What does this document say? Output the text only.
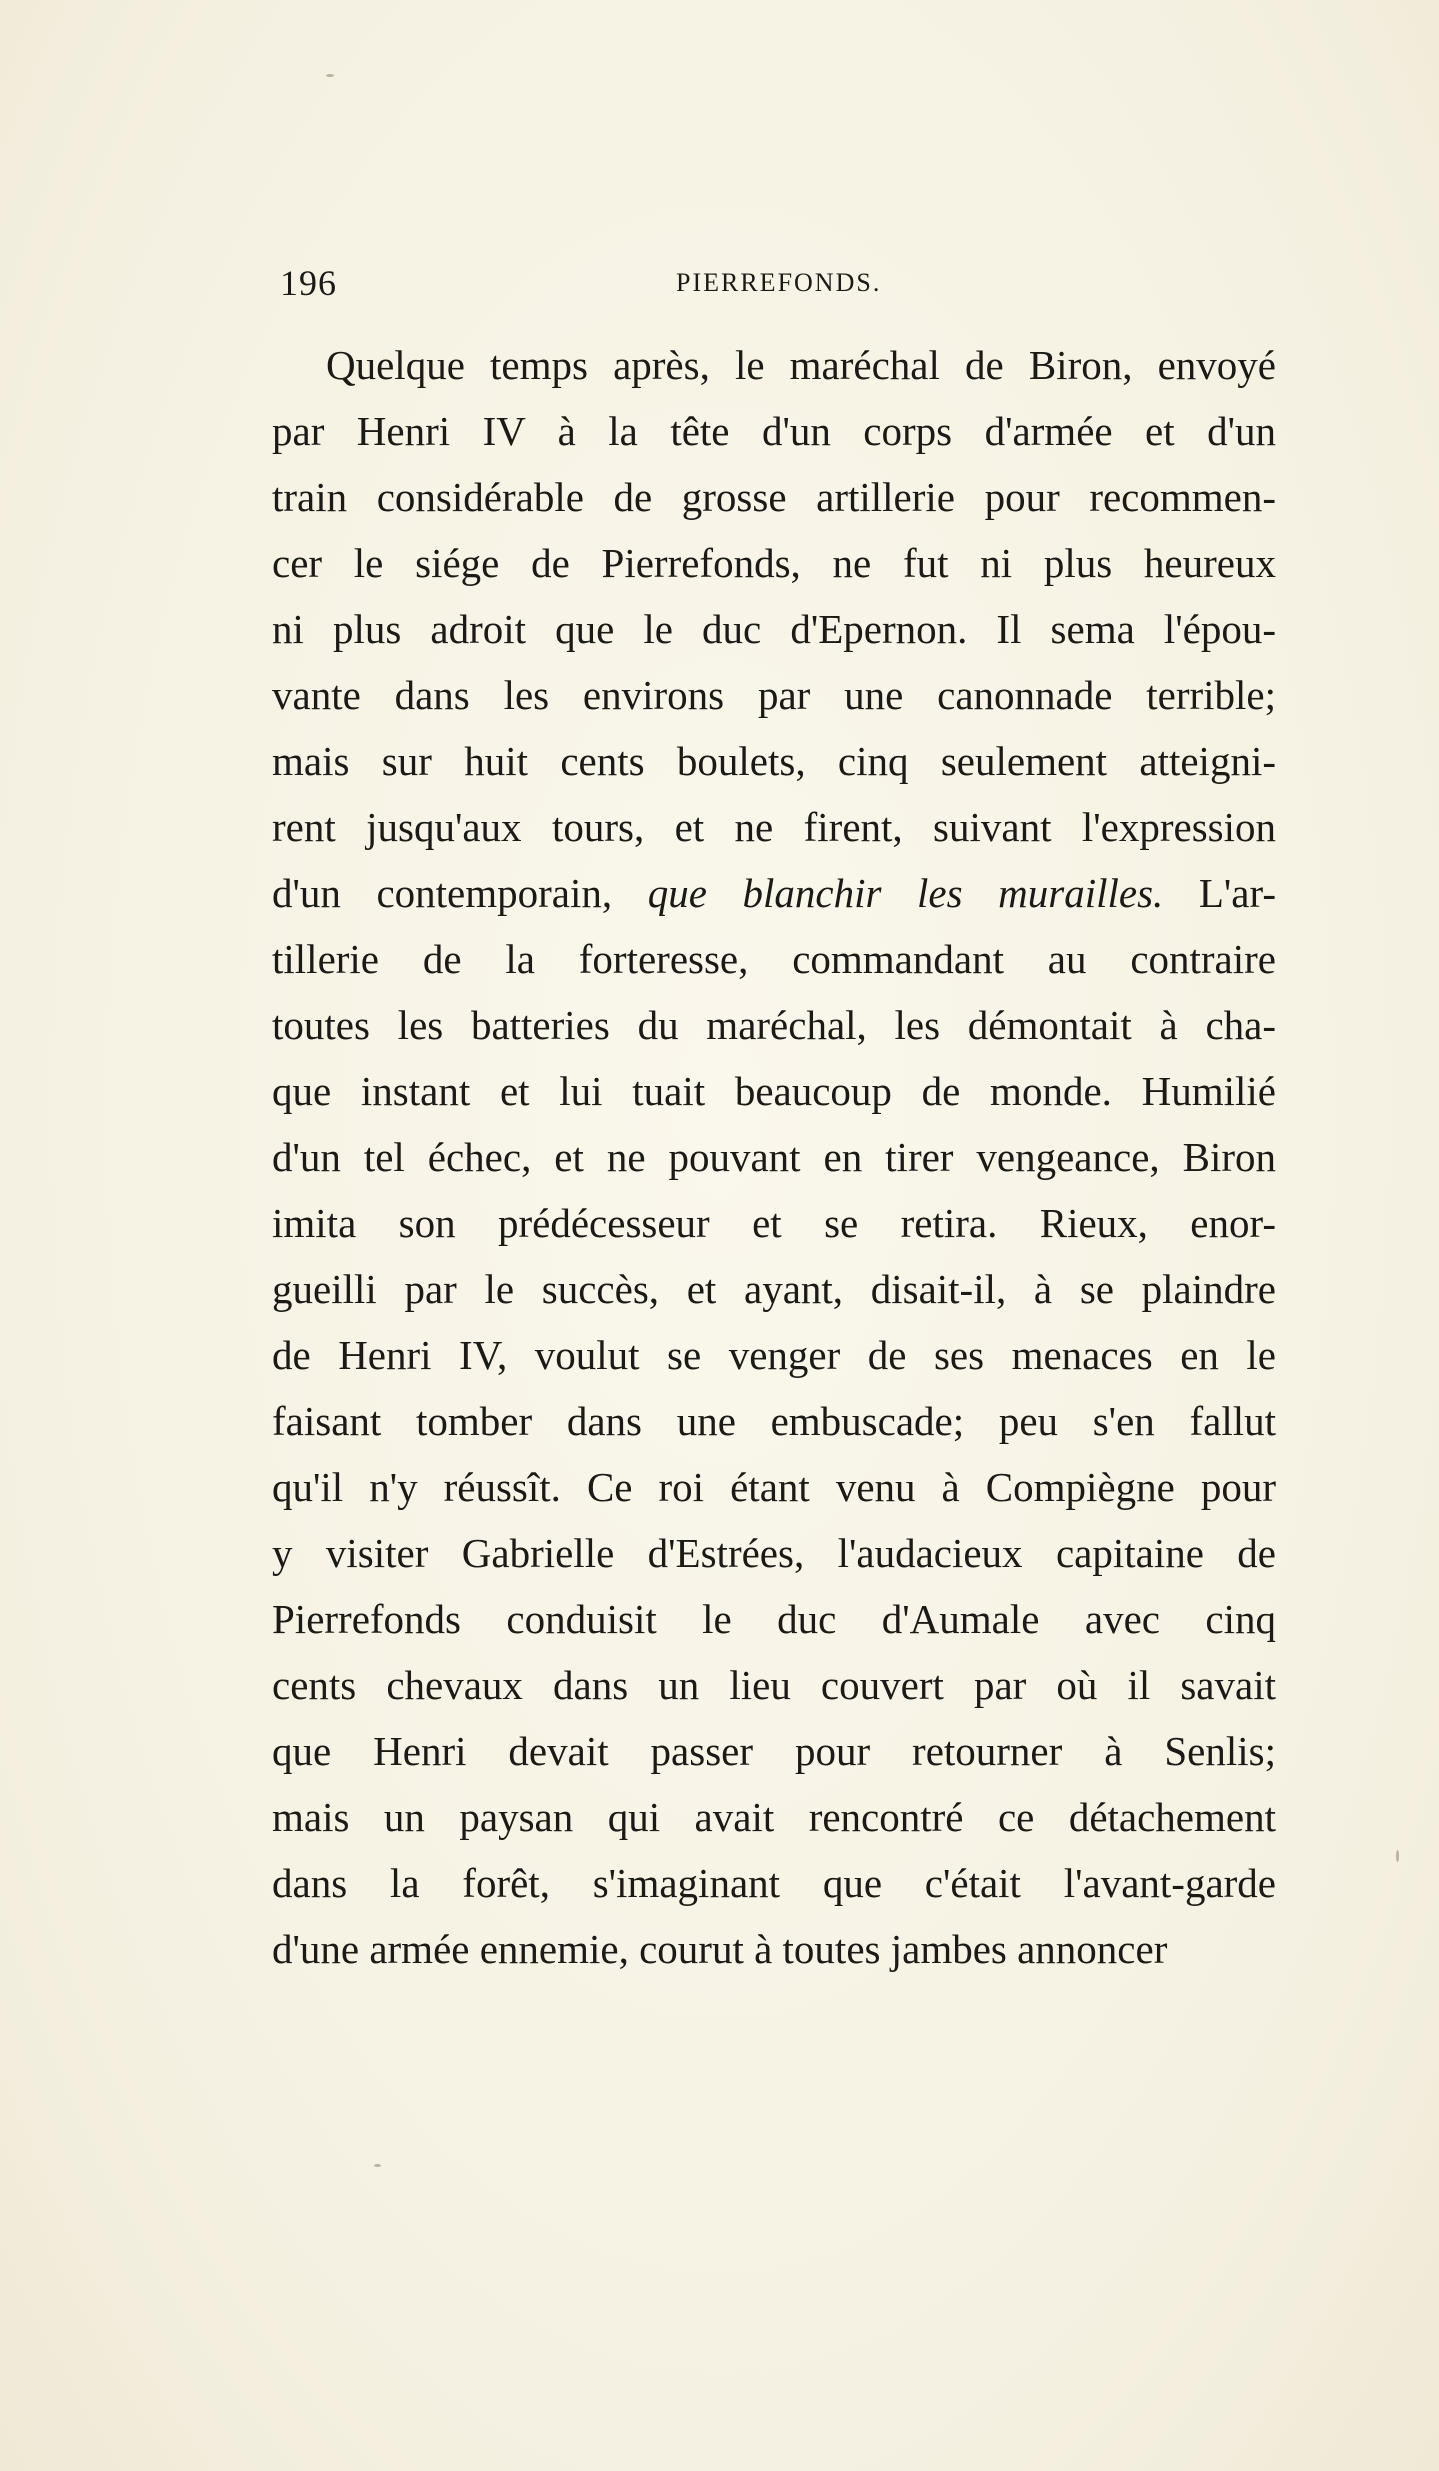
196	PIERREFONDS.
Quelque temps après, le maréchal de Biron, envoyé
par Henri IV à la tête d'un corps d'armée et d'un
train considérable de grosse artillerie pour recommen-
cer le siége de Pierrefonds, ne fut ni plus heureux
ni plus adroit que le duc d'Epernon. Il sema l'épou-
vante dans les environs par une canonnade terrible;
mais sur huit cents boulets, cinq seulement atteigni-
rent jusqu'aux tours, et ne firent, suivant l'expression
d'un contemporain, que blanchir les murailles. L'ar-
tillerie de la forteresse, commandant au contraire
toutes les batteries du maréchal, les démontait à cha-
que instant et lui tuait beaucoup de monde. Humilié
d'un tel échec, et ne pouvant en tirer vengeance, Biron
imita son prédécesseur et se retira. Rieux, enor-
gueilli par le succès, et ayant, disait-il, à se plaindre
de Henri IV, voulut se venger de ses menaces en le
faisant tomber dans une embuscade; peu s'en fallut
qu'il n'y réussît. Ce roi étant venu à Compiègne pour
y visiter Gabrielle d'Estrées, l'audacieux capitaine de
Pierrefonds conduisit le duc d'Aumale avec cinq
cents chevaux dans un lieu couvert par où il savait
que Henri devait passer pour retourner à Senlis;
mais un paysan qui avait rencontré ce détachement
dans la forêt, s'imaginant que c'était l'avant-garde
d'une armée ennemie, courut à toutes jambes annoncer
